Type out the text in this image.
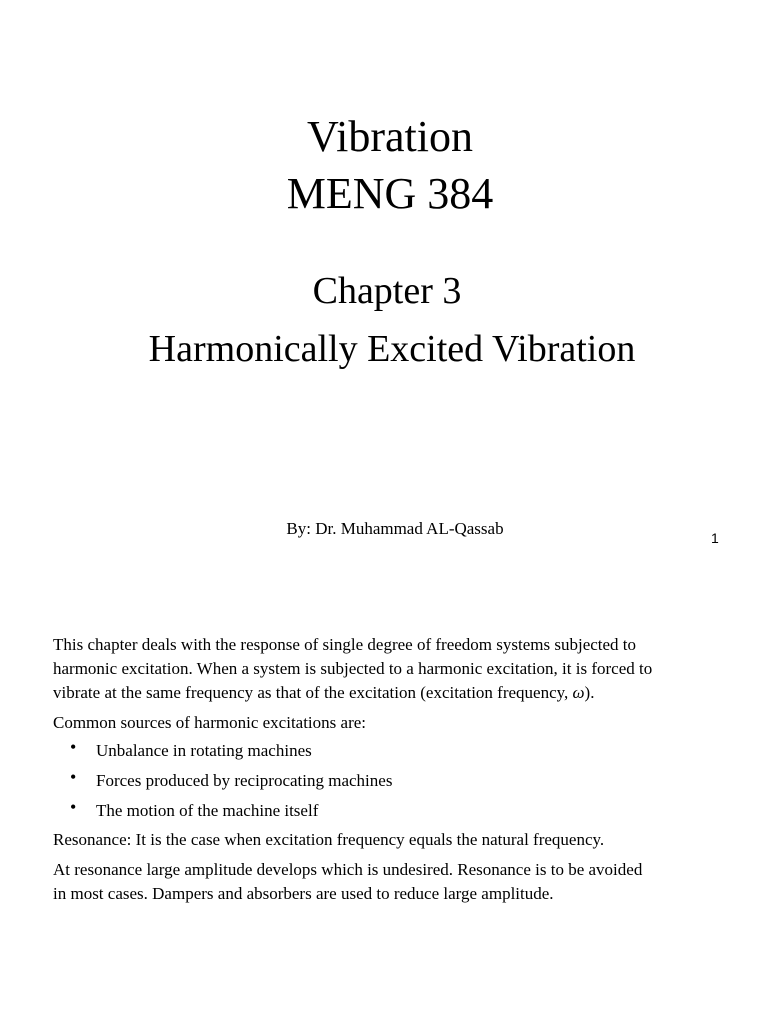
Vibration
MENG 384
Chapter 3
Harmonically Excited Vibration

By: Dr. Muhammad AL-Qassab	1

This chapter deals with the response of single degree of freedom systems subjected to
harmonic excitation. When a system is subjected to a harmonic excitation, it is forced to
vibrate at the same frequency as that of the excitation (excitation frequency, ω).

Common sources of harmonic excitations are:

• Unbalance in rotating machines
• Forces produced by reciprocating machines
• The motion of the machine itself

Resonance: It is the case when excitation frequency equals the natural frequency.

At resonance large amplitude develops which is undesired. Resonance is to be avoided
in most cases. Dampers and absorbers are used to reduce large amplitude.
